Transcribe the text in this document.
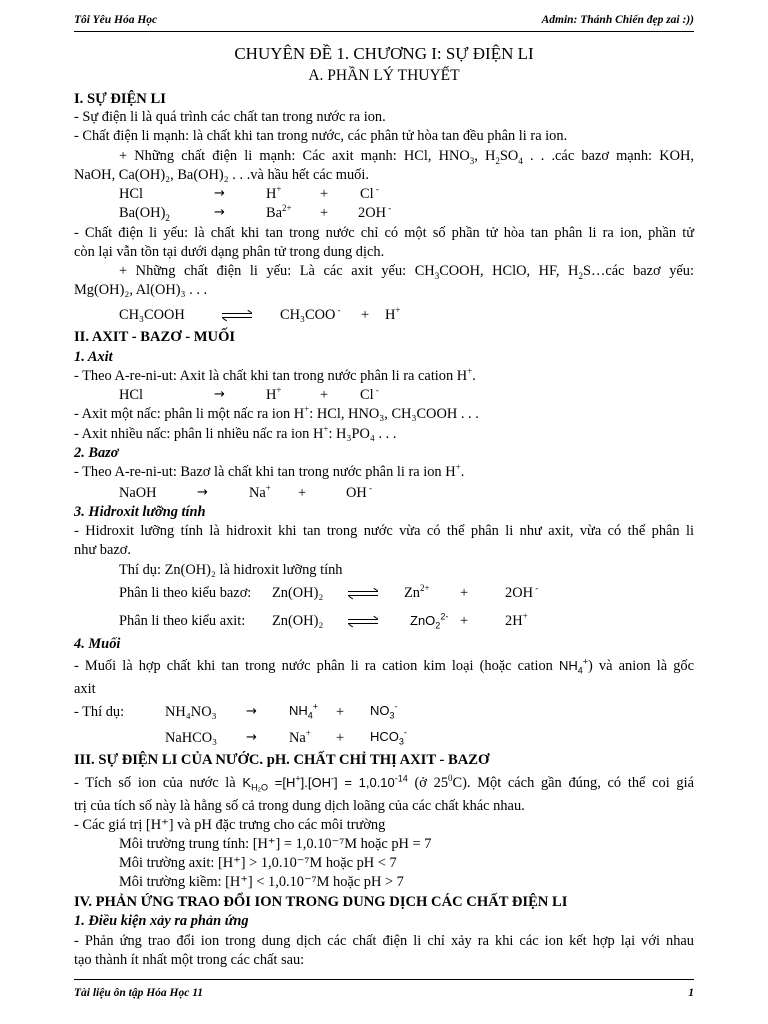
Tôi Yêu Hóa Học	Admin: Thánh Chiến đẹp zai :))
CHUYÊN ĐỀ 1. CHƯƠNG I: SỰ ĐIỆN LI
A. PHẦN LÝ THUYẾT
I. SỰ ĐIỆN LI
- Sự điện li là quá trình các chất tan trong nước ra ion.
- Chất điện li mạnh: là chất khi tan trong nước, các phân tử hòa tan đều phân li ra ion.
+ Những chất điện li mạnh: Các axit mạnh: HCl, $HNO_3$, $H_2SO_4$ . . .các bazơ mạnh: KOH,
NaOH, Ca(OH)₂, Ba(OH)₂ . . .và hầu hết các muối.
HCl	→	H+	+ Cl -
$Ba(OH)_2$	→	$Ba^{2+} + 2OH$ -
- Chất điện li yếu: là chất khi tan trong nước chỉ có một số phần tử hòa tan phân li ra ion, phần tử
còn lại vẫn tồn tại dưới dạng phân tử trong dung dịch.
+ Những chất điện li yếu: Là các axit yếu: $CH_3COOH$, HClO, HF, $H_2S\dots các$ bazơ yếu:
Mg(OH)₂, Al(OH)₃ . . .
CH₃COOH	CH₃COO - + H+
II. AXIT - BAZƠ - MUỐI
1. Axit
- Theo A-re-ni-ut: Axit là chất khi tan trong nước phân li ra cation H+.
HCl	→	H+	+ Cl -
- Axit một nấc: phân li một nấc ra ion H+: HCl, HNO₃, CH₃COOH . . .
- Axit nhiều nấc: phân li nhiều nấc ra ion H+: H₃PO₄ . . .
2. Bazơ
- Theo A-re-ni-ut: Bazơ là chất khi tan trong nước phân li ra ion H+.
NaOH	→	Na+ +	OH -
3. Hidroxit lưỡng tính
- Hidroxit lưỡng tính là hidroxit khi tan trong nước vừa có thể phân li như axit, vừa có thể phân li
như bazơ.
Thí dụ: Zn(OH)₂ là hidroxit lưỡng tính
Phân li theo kiểu bazơ: Zn(OH)₂	$Zn^{2+}$ +	2OH -
Phân li theo kiểu axit: Zn(OH)₂	ZnO$_2^{2-}$ +	2H+
4. Muối
- Muối là hợp chất khi tan trong nước phân li ra cation kim loại (hoặc cation $NH_4^+$) và anion là gốc
axit
- Thí dụ:	$NH_4NO_3 \to NH_4^+ + NO_3^-$
NaHCO₃ → $Na^+ + HCO_3^-$
III. SỰ ĐIỆN LI CỦA NƯỚC. pH. CHẤT CHỈ THỊ AXIT - BAZƠ
- Tích số ion của nước là $K_{H_2O} =[H^+].[OH^-] = 1,0.10^{-14}$ (ở $25^0C$). Một cách gần đúng, có thể coi giá
trị của tích số này là hằng số cả trong dung dịch loãng của các chất khác nhau.
- Các giá trị [H⁺] và pH đặc trưng cho các môi trường
Môi trường trung tính: [H⁺] = 1,0.10⁻⁷M hoặc pH = 7
Môi trường axit: [H⁺] > 1,0.10⁻⁷M hoặc pH < 7
Môi trường kiềm: [H⁺] < 1,0.10⁻⁷M hoặc pH > 7
IV. PHẢN ỨNG TRAO ĐỔI ION TRONG DUNG DỊCH CÁC CHẤT ĐIỆN LI
1. Điều kiện xảy ra phản ứng
- Phản ứng trao đổi ion trong dung dịch các chất điện li chỉ xảy ra khi các ion kết hợp lại với nhau
tạo thành ít nhất một trong các chất sau:
Tài liệu ôn tập Hóa Học 11	1
